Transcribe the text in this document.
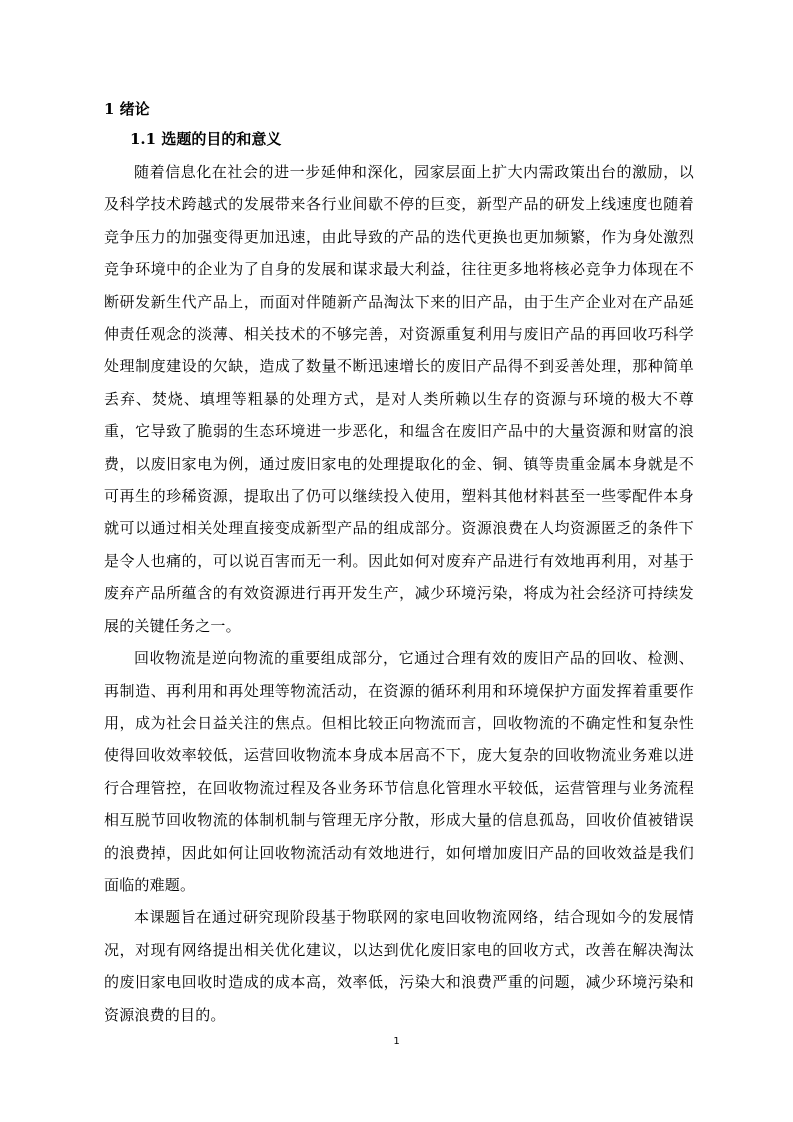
1 绪论
1.1 选题的目的和意义

随着信息化在社会的进一步延伸和深化，园家层面上扩大内需政策出台的激励，以及科学技术跨越式的发展带来各行业间歇不停的巨变，新型产品的研发上线速度也随着竞争压力的加强变得更加迅速，由此导致的产品的迭代更换也更加频繁，作为身处激烈竞争环境中的企业为了自身的发展和谋求最大利益，往往更多地将核必竞争力体现在不断研发新生代产品上，而面对伴随新产品淘汰下来的旧产品，由于生产企业对在产品延伸责任观念的淡薄、相关技术的不够完善，对资源重复利用与废旧产品的再回收巧科学处理制度建设的欠缺，造成了数量不断迅速增长的废旧产品得不到妥善处理，那种简单丢弃、焚烧、填埋等粗暴的处理方式，是对人类所赖以生存的资源与环境的极大不尊重，它导致了脆弱的生态环境进一步恶化，和缊含在废旧产品中的大量资源和财富的浪费，以废旧家电为例，通过废旧家电的处理提取化的金、铜、镇等贵重金属本身就是不可再生的珍稀资源，提取出了仍可以继续投入使用，塑料其他材料甚至一些零配件本身就可以通过相关处理直接变成新型产品的组成部分。资源浪费在人均资源匿乏的条件下是令人也痛的，可以说百害而无一利。因此如何对废弃产品进行有效地再利用，对基于废弃产品所蕴含的有效资源进行再开发生产，减少环境污染，将成为社会经济可持续发展的关键任务之一。

回收物流是逆向物流的重要组成部分，它通过合理有效的废旧产品的回收、检测、再制造、再利用和再处理等物流活动，在资源的循环利用和环境保护方面发挥着重要作用，成为社会日益关注的焦点。但相比较正向物流而言，回收物流的不确定性和复杂性使得回收效率较低，运营回收物流本身成本居高不下，庞大复杂的回收物流业务难以进行合理管控，在回收物流过程及各业务环节信息化管理水平较低，运营管理与业务流程相互脱节回收物流的体制机制与管理无序分散，形成大量的信息孤岛，回收价值被错误的浪费掉，因此如何让回收物流活动有效地进行，如何增加废旧产品的回收效益是我们面临的难题。

本课题旨在通过研究现阶段基于物联网的家电回收物流网络，结合现如今的发展情况，对现有网络提出相关优化建议，以达到优化废旧家电的回收方式，改善在解决淘汰的废旧家电回收时造成的成本高，效率低，污染大和浪费严重的问题，减少环境污染和资源浪费的目的。

1
